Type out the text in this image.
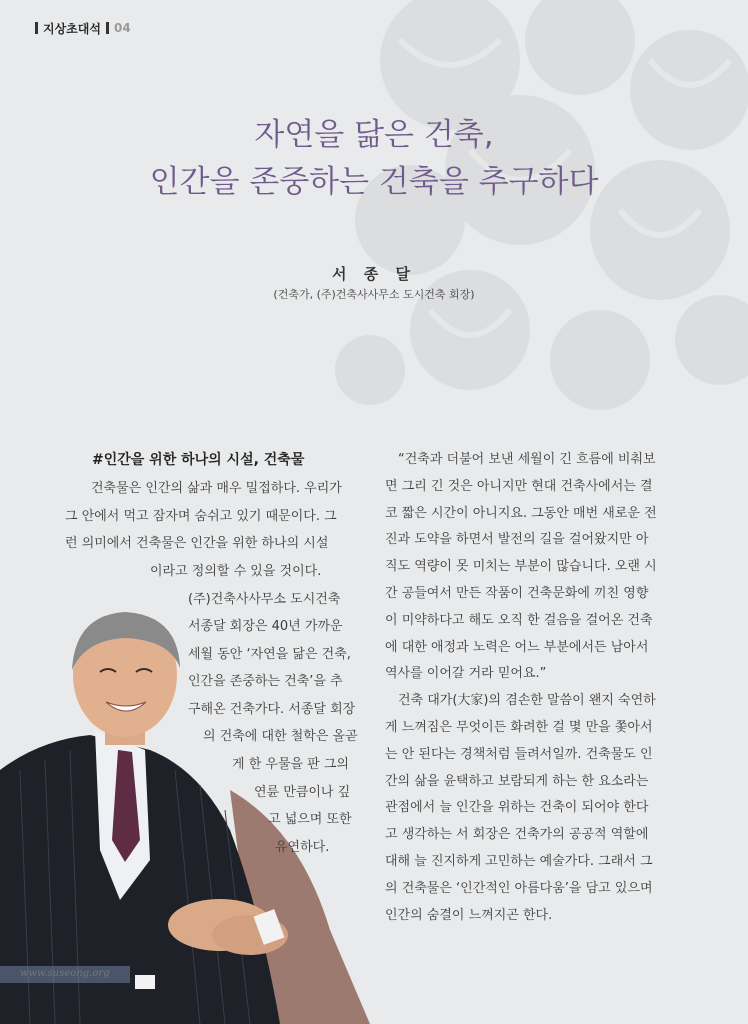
지상초대석 04
자연을 닮은 건축,
인간을 존중하는 건축을 추구하다
서 종 달
(건축가, (주)건축사사무소 도시건축 회장)
www.suseong.org
#인간을 위한 하나의 시설, 건축물
건축물은 인간의 삶과 매우 밀접하다. 우리가
그 안에서 먹고 잠자며 숨쉬고 있기 때문이다. 그
런 의미에서 건축물은 인간을 위한 하나의 시설
이라고 정의할 수 있을 것이다.
(주)건축사사무소 도시건축
서종달 회장은 40년 가까운
세월 동안 ‘자연을 닮은 건축,
인간을 존중하는 건축’을 추
구해온 건축가다. 서종달 회장
의 건축에 대한 철학은 올곧
게 한 우물을 판 그의
연륜 만큼이나 깊
고 넓으며 또한
유연하다.
“건축과 더불어 보낸 세월이 긴 흐름에 비춰보
면 그리 긴 것은 아니지만 현대 건축사에서는 결
코 짧은 시간이 아니지요. 그동안 매번 새로운 전
진과 도약을 하면서 발전의 길을 걸어왔지만 아
직도 역량이 못 미치는 부분이 많습니다. 오랜 시
간 공들여서 만든 작품이 건축문화에 끼친 영향
이 미약하다고 해도 오직 한 걸음을 걸어온 건축
에 대한 애정과 노력은 어느 부분에서든 남아서
역사를 이어갈 거라 믿어요.”
건축 대가(大家)의 겸손한 말씀이 왠지 숙연하
게 느껴짐은 무엇이든 화려한 걸 몇 만을 쫓아서
는 안 된다는 경책처럼 들려서일까. 건축물도 인
간의 삶을 윤택하고 보람되게 하는 한 요소라는
관점에서 늘 인간을 위하는 건축이 되어야 한다
고 생각하는 서 회장은 건축가의 공공적 역할에
대해 늘 진지하게 고민하는 예술가다. 그래서 그
의 건축물은 ‘인간적인 아름다움’을 담고 있으며
인간의 숨결이 느껴지곤 한다.
